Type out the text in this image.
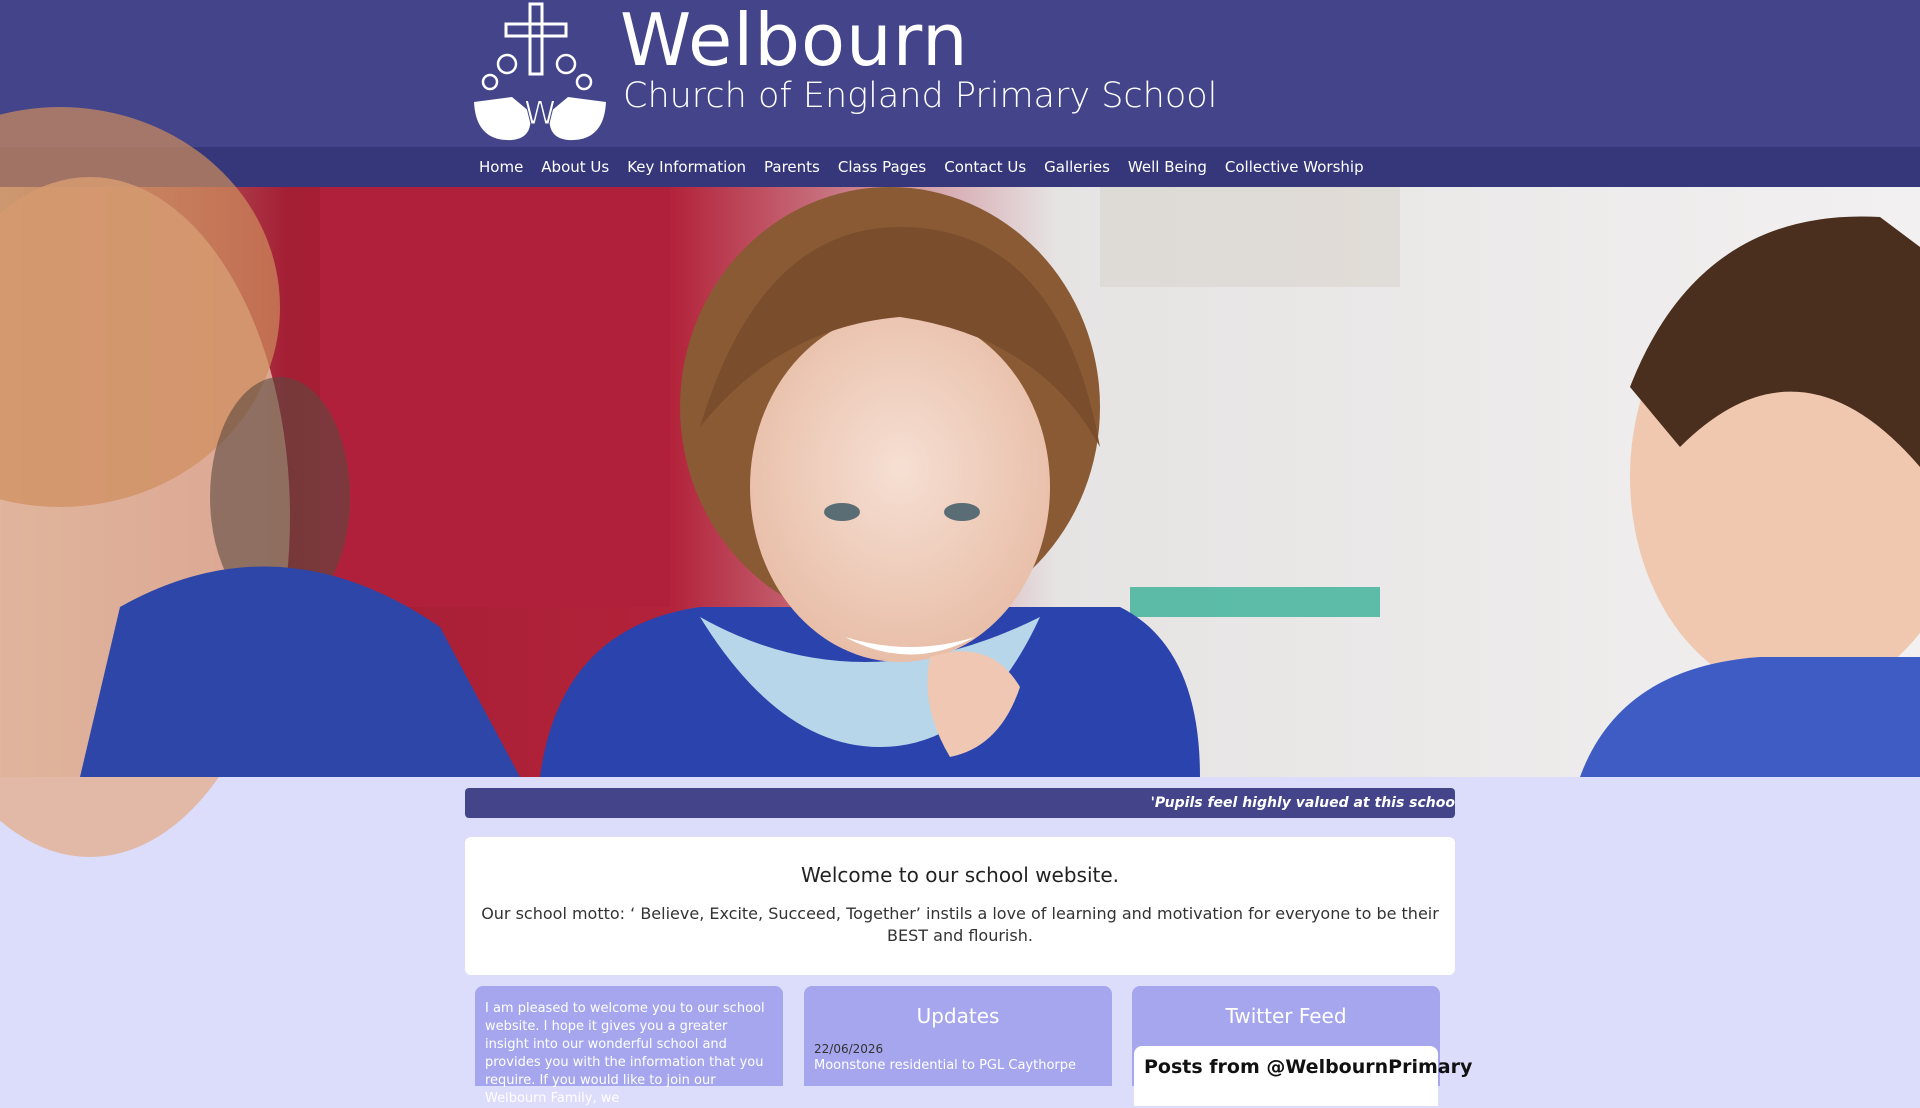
W
Welbourn
Church of England Primary School
Home	About Us	Key Information	Parents	Class Pages	Contact Us	Galleries	Well Being	Collective Worship
'Pupils feel highly valued at this schoo
Welcome to our school website.

Our school motto: ‘ Believe, Excite, Succeed, Together’ instils a love of learning and motivation for everyone to be their BEST and flourish.

I am pleased to welcome you to our school website. I hope it gives you a greater insight into our wonderful school and provides you with the information that you require. If you would like to join our Welbourn Family, we

Updates
22/06/2026
Moonstone residential to PGL Caythorpe
Twitter Feed
Posts from @WelbournPrimary
